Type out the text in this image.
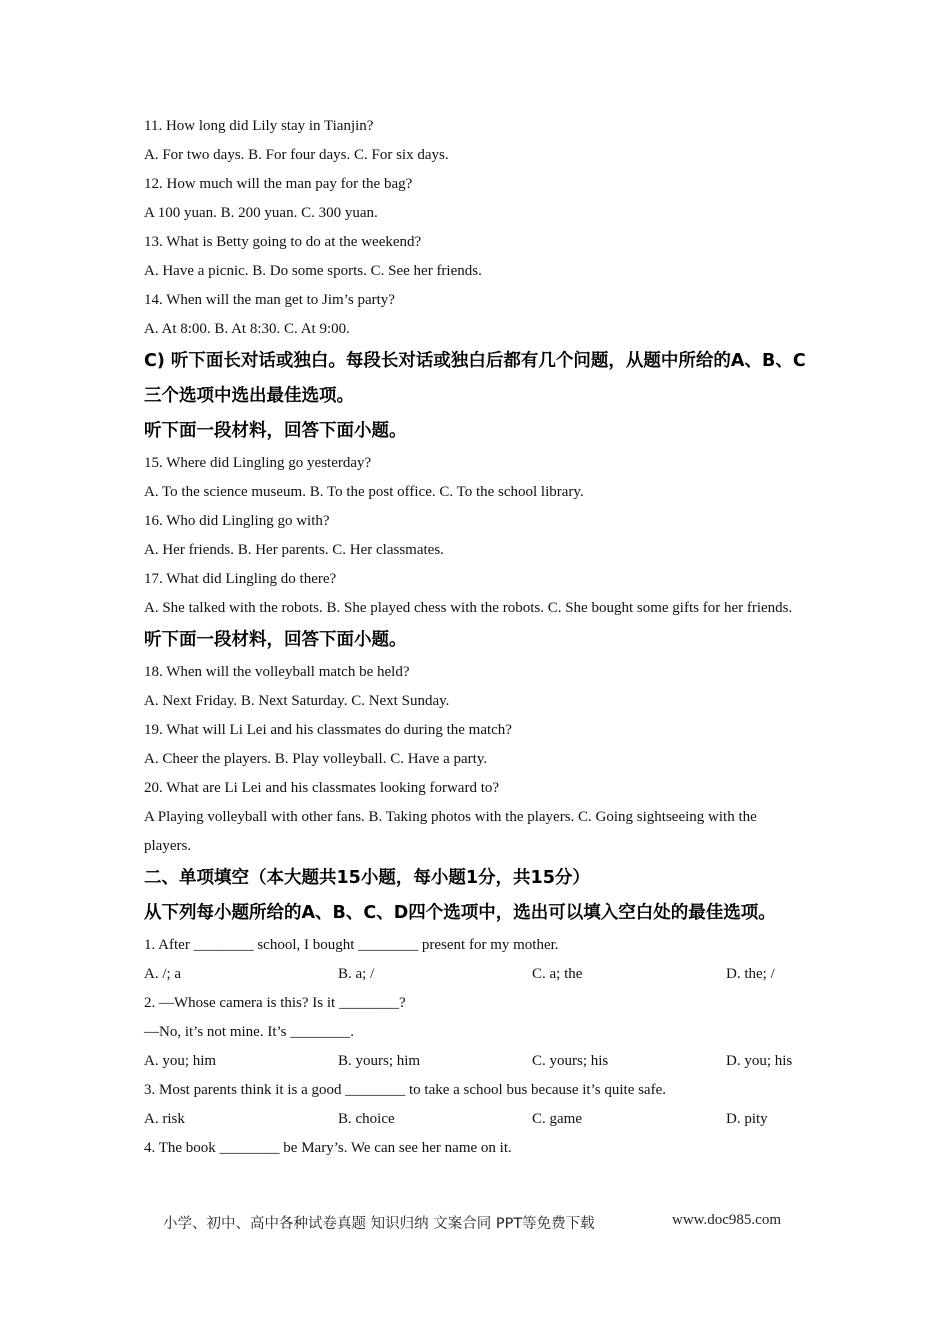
11. How long did Lily stay in Tianjin?
A. For two days. B. For four days. C. For six days.
12. How much will the man pay for the bag?
A 100 yuan. B. 200 yuan. C. 300 yuan.
13. What is Betty going to do at the weekend?
A. Have a picnic. B. Do some sports. C. See her friends.
14. When will the man get to Jim’s party?
A. At 8:00. B. At 8:30. C. At 9:00.
C) 听下面长对话或独白。每段长对话或独白后都有几个问题，从题中所给的A、B、C三个选项中选出最佳选项。
听下面一段材料，回答下面小题。
15. Where did Lingling go yesterday?
A. To the science museum. B. To the post office. C. To the school library.
16. Who did Lingling go with?
A. Her friends. B. Her parents. C. Her classmates.
17. What did Lingling do there?
A. She talked with the robots. B. She played chess with the robots. C. She bought some gifts for her friends.
听下面一段材料，回答下面小题。
18. When will the volleyball match be held?
A. Next Friday. B. Next Saturday. C. Next Sunday.
19. What will Li Lei and his classmates do during the match?
A. Cheer the players. B. Play volleyball. C. Have a party.
20. What are Li Lei and his classmates looking forward to?
A Playing volleyball with other fans. B. Taking photos with the players. C. Going sightseeing with the players.
二、单项填空（本大题共15小题，每小题1分，共15分）
从下列每小题所给的A、B、C、D四个选项中，选出可以填入空白处的最佳选项。
1. After ________ school, I bought ________ present for my mother.
A. /; a	B. a; /	C. a; the	D. the; /
2. —Whose camera is this? Is it ________?
—No, it’s not mine. It’s ________.
A. you; him	B. yours; him	C. yours; his	D. you; his
3. Most parents think it is a good ________ to take a school bus because it’s quite safe.
A. risk	B. choice	C. game	D. pity
4. The book ________ be Mary’s. We can see her name on it.
小学、初中、高中各种试卷真题 知识归纳 文案合同 PPT等免费下载	www.doc985.com
